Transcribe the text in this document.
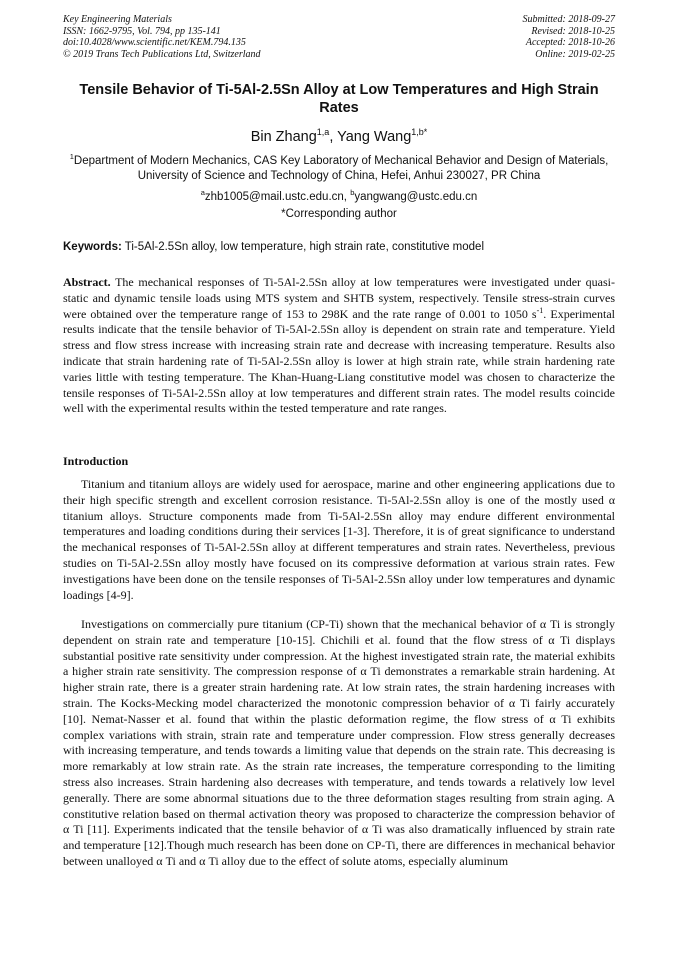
Key Engineering Materials
ISSN: 1662-9795, Vol. 794, pp 135-141
doi:10.4028/www.scientific.net/KEM.794.135
© 2019 Trans Tech Publications Ltd, Switzerland
Submitted: 2018-09-27
Revised: 2018-10-25
Accepted: 2018-10-26
Online: 2019-02-25
Tensile Behavior of Ti-5Al-2.5Sn Alloy at Low Temperatures and High Strain Rates
Bin Zhang$^{1,a}$, Yang Wang$^{1,b*}$
$^1$Department of Modern Mechanics, CAS Key Laboratory of Mechanical Behavior and Design of Materials, University of Science and Technology of China, Hefei, Anhui 230027, PR China
$^a$zhb1005@mail.ustc.edu.cn, $^b$yangwang@ustc.edu.cn
*Corresponding author
Keywords: Ti-5Al-2.5Sn alloy, low temperature, high strain rate, constitutive model

Abstract. The mechanical responses of Ti-5Al-2.5Sn alloy at low temperatures were investigated under quasi-static and dynamic tensile loads using MTS system and SHTB system, respectively. Tensile stress-strain curves were obtained over the temperature range of 153 to 298K and the rate range of 0.001 to 1050 $s^{-1}$. Experimental results indicate that the tensile behavior of Ti-5Al-2.5Sn alloy is dependent on strain rate and temperature. Yield stress and flow stress increase with increasing strain rate and decrease with increasing temperature. Results also indicate that strain hardening rate of Ti-5Al-2.5Sn alloy is lower at high strain rate, while strain hardening rate varies little with testing temperature. The Khan-Huang-Liang constitutive model was chosen to characterize the tensile responses of Ti-5Al-2.5Sn alloy at low temperatures and different strain rates. The model results coincide well with the experimental results within the tested temperature and rate ranges.

Introduction

Titanium and titanium alloys are widely used for aerospace, marine and other engineering applications due to their high specific strength and excellent corrosion resistance. Ti-5Al-2.5Sn alloy is one of the mostly used α titanium alloys. Structure components made from Ti-5Al-2.5Sn alloy may endure different environmental temperatures and loading conditions during their services [1-3]. Therefore, it is of great significance to understand the mechanical responses of Ti-5Al-2.5Sn alloy at different temperatures and strain rates. Nevertheless, previous studies on Ti-5Al-2.5Sn alloy mostly have focused on its compressive deformation at various strain rates. Few investigations have been done on the tensile responses of Ti-5Al-2.5Sn alloy under low temperatures and dynamic loadings [4-9].

Investigations on commercially pure titanium (CP-Ti) shown that the mechanical behavior of α Ti is strongly dependent on strain rate and temperature [10-15]. Chichili et al. found that the flow stress of α Ti displays substantial positive rate sensitivity under compression. At the highest investigated strain rate, the material exhibits a higher strain rate sensitivity. The compression response of α Ti demonstrates a remarkable strain hardening. At higher strain rate, there is a greater strain hardening rate. At low strain rates, the strain hardening increases with strain. The Kocks-Mecking model characterized the monotonic compression behavior of α Ti fairly accurately [10]. Nemat-Nasser et al. found that within the plastic deformation regime, the flow stress of α Ti exhibits complex variations with strain, strain rate and temperature under compression. Flow stress generally decreases with increasing temperature, and tends towards a limiting value that depends on the strain rate. This decreasing is more remarkably at low strain rate. As the strain rate increases, the temperature corresponding to the limiting stress also increases. Strain hardening also decreases with temperature, and tends towards a relatively low level generally. There are some abnormal situations due to the three deformation stages resulting from strain aging. A constitutive relation based on thermal activation theory was proposed to characterize the compression behavior of α Ti [11]. Experiments indicated that the tensile behavior of α Ti was also dramatically influenced by strain rate and temperature [12].Though much research has been done on CP-Ti, there are differences in mechanical behavior between unalloyed α Ti and α Ti alloy due to the effect of solute atoms, especially aluminum
